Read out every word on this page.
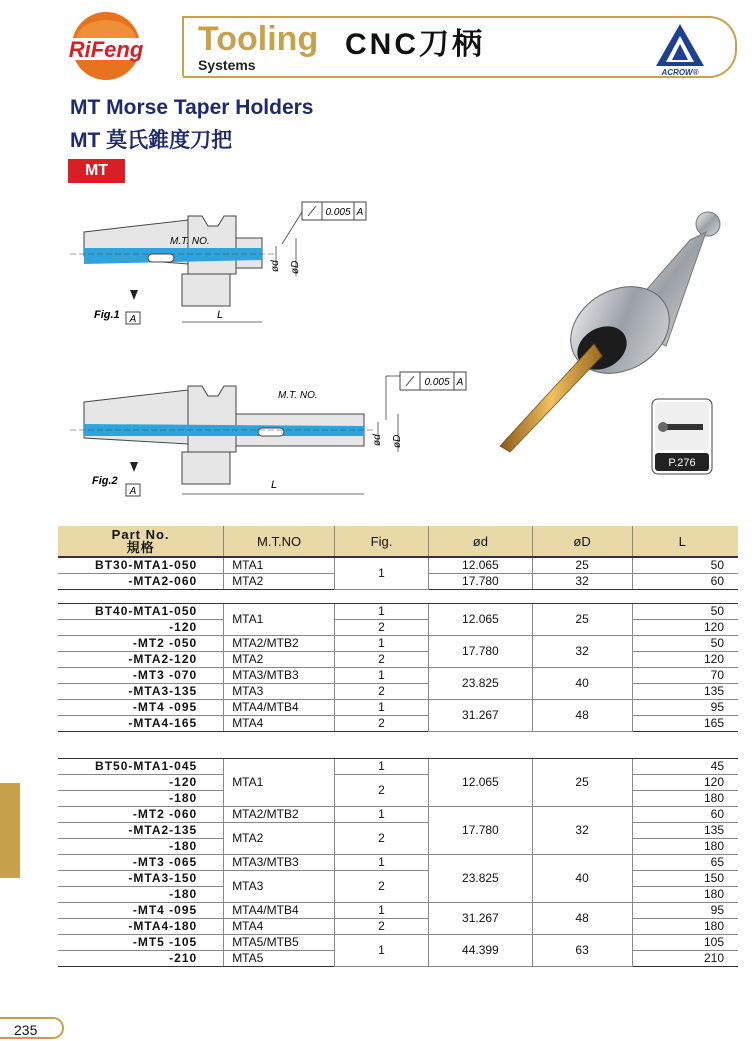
RiFeng Tooling
Systems
CNC刀柄
ACROW®
MT Morse Taper Holders
MT 莫氏錐度刀把
MT
A
Fig.1
M.T. NO.
L
ød øD
0.005 A
A
Fig.2
M.T. NO.
L
ød øD
0.005 A
P.276
Part No.
規格	M.T.NO	Fig.	ød	øD	L
BT30-MTA1-050	MTA1	1	12.065	25	50
-MTA2-060	MTA2		17.780	32	60

BT40-MTA1-050	MTA1	1	12.065	25	50
-120		2			120
-MT2 -050	MTA2/MTB2	1	17.780	32	50
-MTA2-120	MTA2	2			120
-MT3 -070	MTA3/MTB3	1	23.825	40	70
-MTA3-135	MTA3	2			135
-MT4 -095	MTA4/MTB4	1	31.267	48	95
-MTA4-165	MTA4	2			165

BT50-MTA1-045	MTA1	1	12.065	25	45
-120		2			120
-180					180
-MT2 -060	MTA2/MTB2	1	17.780	32	60
-MTA2-135	MTA2	2			135
-180					180
-MT3 -065	MTA3/MTB3	1	23.825	40	65
-MTA3-150	MTA3	2			150
-180					180
-MT4 -095	MTA4/MTB4	1	31.267	48	95
-MTA4-180	MTA4	2			180
-MT5 -105	MTA5/MTB5	1	44.399	63	105
-210	MTA5				210
235
